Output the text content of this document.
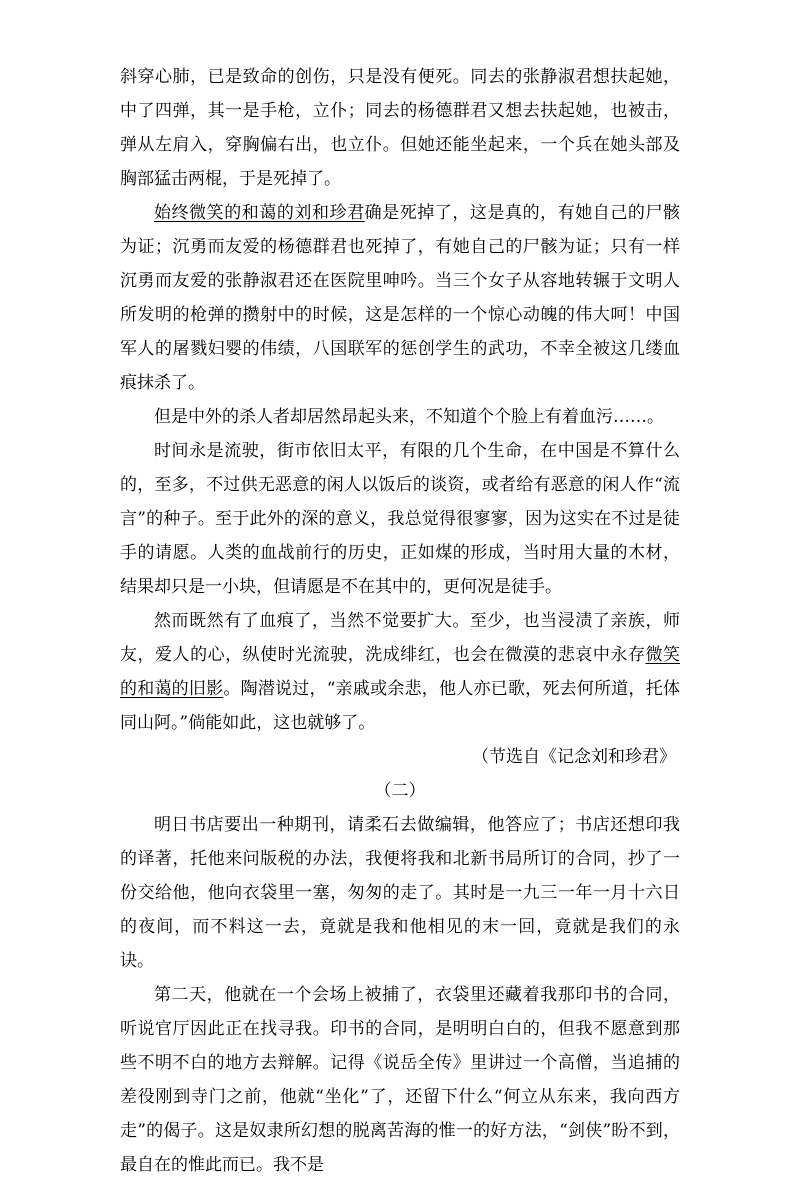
斜穿心肺，已是致命的创伤，只是没有便死。同去的张静淑君想扶起她，中了四弹，其一是手枪，立仆；同去的杨德群君又想去扶起她，也被击，弹从左肩入，穿胸偏右出，也立仆。但她还能坐起来，一个兵在她头部及胸部猛击两棍，于是死掉了。

始终微笑的和蔼的刘和珍君确是死掉了，这是真的，有她自己的尸骸为证；沉勇而友爱的杨德群君也死掉了，有她自己的尸骸为证；只有一样沉勇而友爱的张静淑君还在医院里呻吟。当三个女子从容地转辗于文明人所发明的枪弹的攒射中的时候，这是怎样的一个惊心动魄的伟大呵！中国军人的屠戮妇婴的伟绩，八国联军的惩创学生的武功，不幸全被这几缕血痕抹杀了。

但是中外的杀人者却居然昂起头来，不知道个个脸上有着血污……。

时间永是流驶，街市依旧太平，有限的几个生命，在中国是不算什么的，至多，不过供无恶意的闲人以饭后的谈资，或者给有恶意的闲人作“流言”的种子。至于此外的深的意义，我总觉得很寥寥，因为这实在不过是徒手的请愿。人类的血战前行的历史，正如煤的形成，当时用大量的木材，结果却只是一小块，但请愿是不在其中的，更何况是徒手。

然而既然有了血痕了，当然不觉要扩大。至少，也当浸渍了亲族，师友，爱人的心，纵使时光流驶，洗成绯红，也会在微漠的悲哀中永存微笑的和蔼的旧影。陶潜说过，“亲戚或余悲，他人亦已歌，死去何所道，托体同山阿。”倘能如此，这也就够了。

（节选自《记念刘和珍君》

（二）

明日书店要出一种期刊，请柔石去做编辑，他答应了；书店还想印我的译著，托他来问版税的办法，我便将我和北新书局所订的合同，抄了一份交给他，他向衣袋里一塞，匆匆的走了。其时是一九三一年一月十六日的夜间，而不料这一去，竟就是我和他相见的末一回，竟就是我们的永诀。

第二天，他就在一个会场上被捕了，衣袋里还藏着我那印书的合同，听说官厅因此正在找寻我。印书的合同，是明明白白的，但我不愿意到那些不明不白的地方去辩解。记得《说岳全传》里讲过一个高僧，当追捕的差役刚到寺门之前，他就“坐化”了，还留下什么“何立从东来，我向西方走”的偈子。这是奴隶所幻想的脱离苦海的惟一的好方法，“剑侠”盼不到，最自在的惟此而已。我不是
